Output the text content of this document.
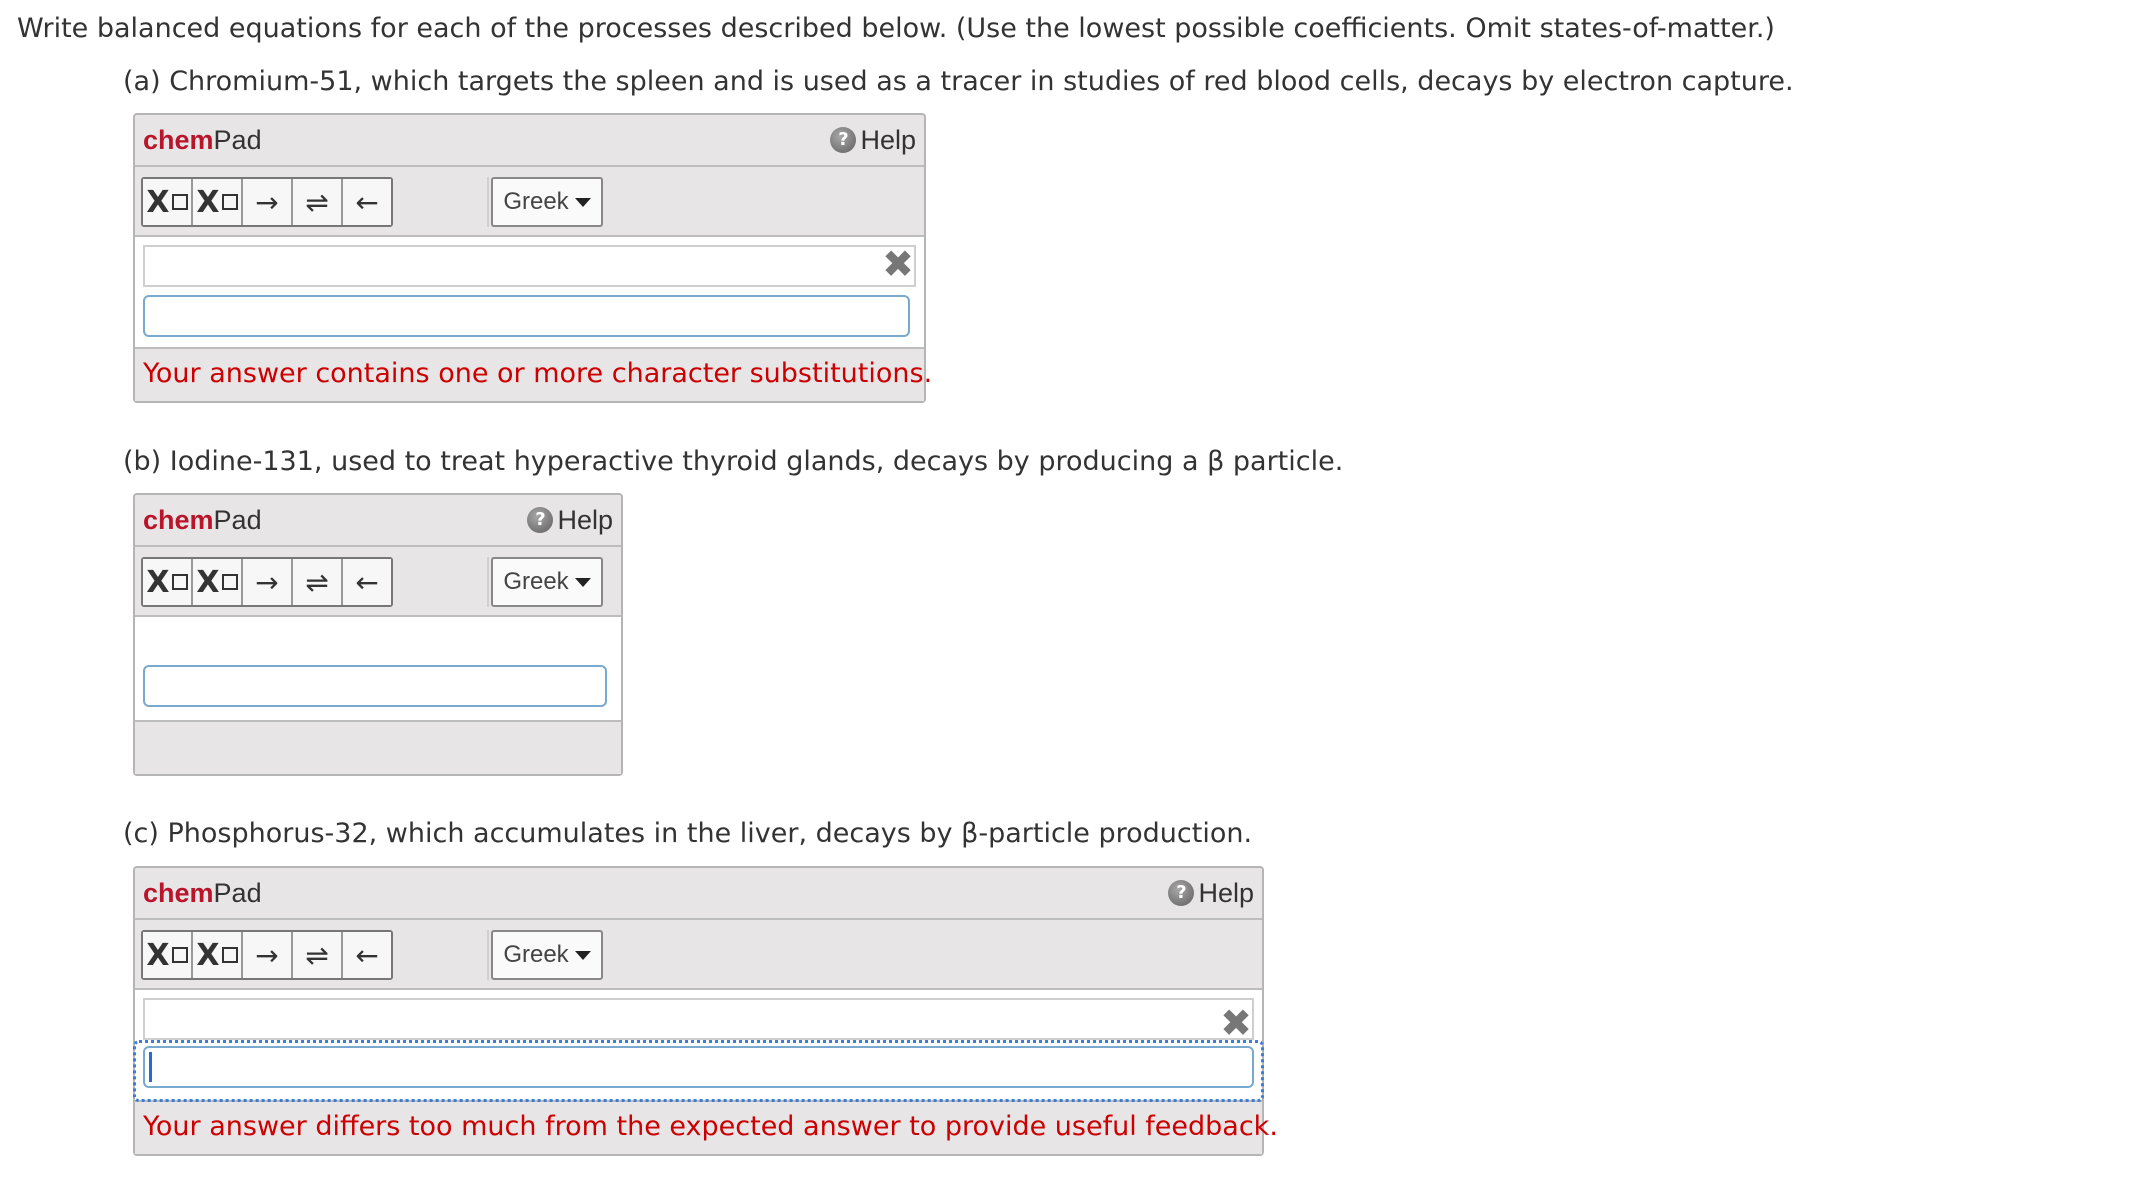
Write balanced equations for each of the processes described below. (Use the lowest possible coefficients. Omit states-of-matter.)
(a) Chromium-51, which targets the spleen and is used as a tracer in studies of red blood cells, decays by electron capture.
chemPad	? Help
X X	→ ⇌ ←	Greek
✖
Your answer contains one or more character substitutions.
(b) Iodine-131, used to treat hyperactive thyroid glands, decays by producing a β particle.
chemPad	? Help
X X	→ ⇌ ←	Greek
(c) Phosphorus-32, which accumulates in the liver, decays by β-particle production.
chemPad	? Help
X X	→ ⇌ ←	Greek
✖
Your answer differs too much from the expected answer to provide useful feedback.
